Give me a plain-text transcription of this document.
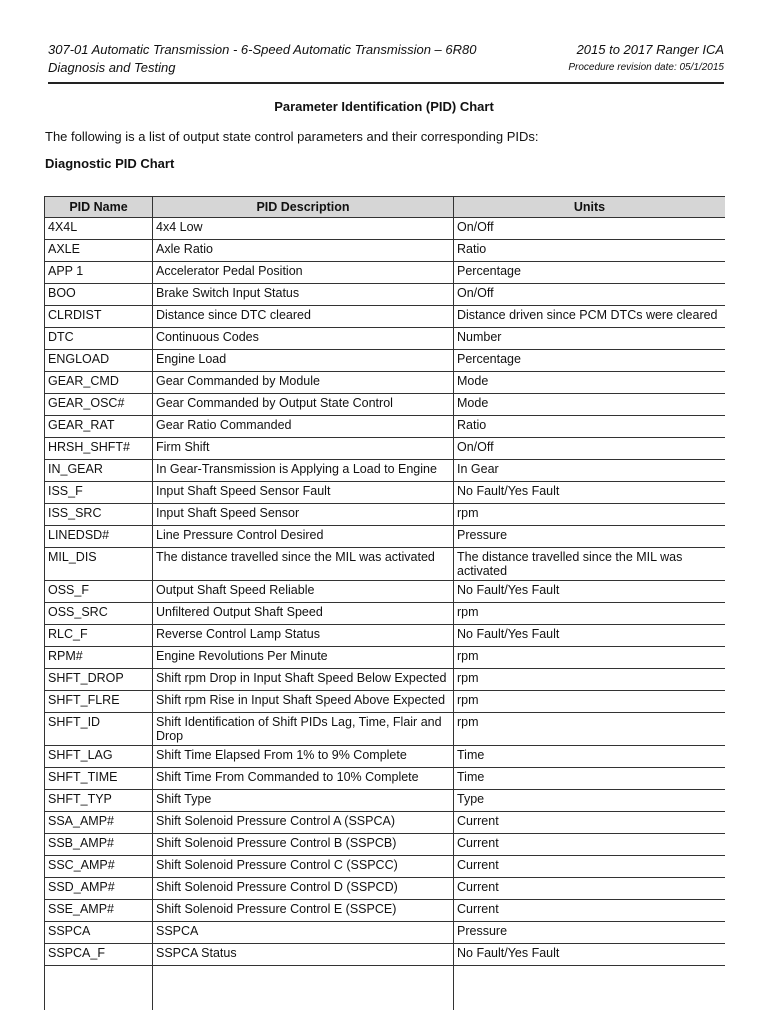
307-01 Automatic Transmission - 6-Speed Automatic Transmission – 6R80
Diagnosis and Testing
2015 to 2017 Ranger ICA
Procedure revision date: 05/1/2015
Parameter Identification (PID) Chart
The following is a list of output state control parameters and their corresponding PIDs:
Diagnostic PID Chart
PID Name	PID Description	Units
4X4L	4x4 Low	On/Off
AXLE	Axle Ratio	Ratio
APP 1	Accelerator Pedal Position	Percentage
BOO	Brake Switch Input Status	On/Off
CLRDIST	Distance since DTC cleared	Distance driven since PCM DTCs were cleared
DTC	Continuous Codes	Number
ENGLOAD	Engine Load	Percentage
GEAR_CMD	Gear Commanded by Module	Mode
GEAR_OSC#	Gear Commanded by Output State Control	Mode
GEAR_RAT	Gear Ratio Commanded	Ratio
HRSH_SHFT#	Firm Shift	On/Off
IN_GEAR	In Gear-Transmission is Applying a Load to Engine	In Gear
ISS_F	Input Shaft Speed Sensor Fault	No Fault/Yes Fault
ISS_SRC	Input Shaft Speed Sensor	rpm
LINEDSD#	Line Pressure Control Desired	Pressure
MIL_DIS	The distance travelled since the MIL was activated	The distance travelled since the MIL was activated
OSS_F	Output Shaft Speed Reliable	No Fault/Yes Fault
OSS_SRC	Unfiltered Output Shaft Speed	rpm
RLC_F	Reverse Control Lamp Status	No Fault/Yes Fault
RPM#	Engine Revolutions Per Minute	rpm
SHFT_DROP	Shift rpm Drop in Input Shaft Speed Below Expected	rpm
SHFT_FLRE	Shift rpm Rise in Input Shaft Speed Above Expected	rpm
SHFT_ID	Shift Identification of Shift PIDs Lag, Time, Flair and Drop	rpm
SHFT_LAG	Shift Time Elapsed From 1% to 9% Complete	Time
SHFT_TIME	Shift Time From Commanded to 10% Complete	Time
SHFT_TYP	Shift Type	Type
SSA_AMP#	Shift Solenoid Pressure Control A (SSPCA)	Current
SSB_AMP#	Shift Solenoid Pressure Control B (SSPCB)	Current
SSC_AMP#	Shift Solenoid Pressure Control C (SSPCC)	Current
SSD_AMP#	Shift Solenoid Pressure Control D (SSPCD)	Current
SSE_AMP#	Shift Solenoid Pressure Control E (SSPCE)	Current
SSPCA	SSPCA	Pressure
SSPCA_F	SSPCA Status	No Fault/Yes Fault
